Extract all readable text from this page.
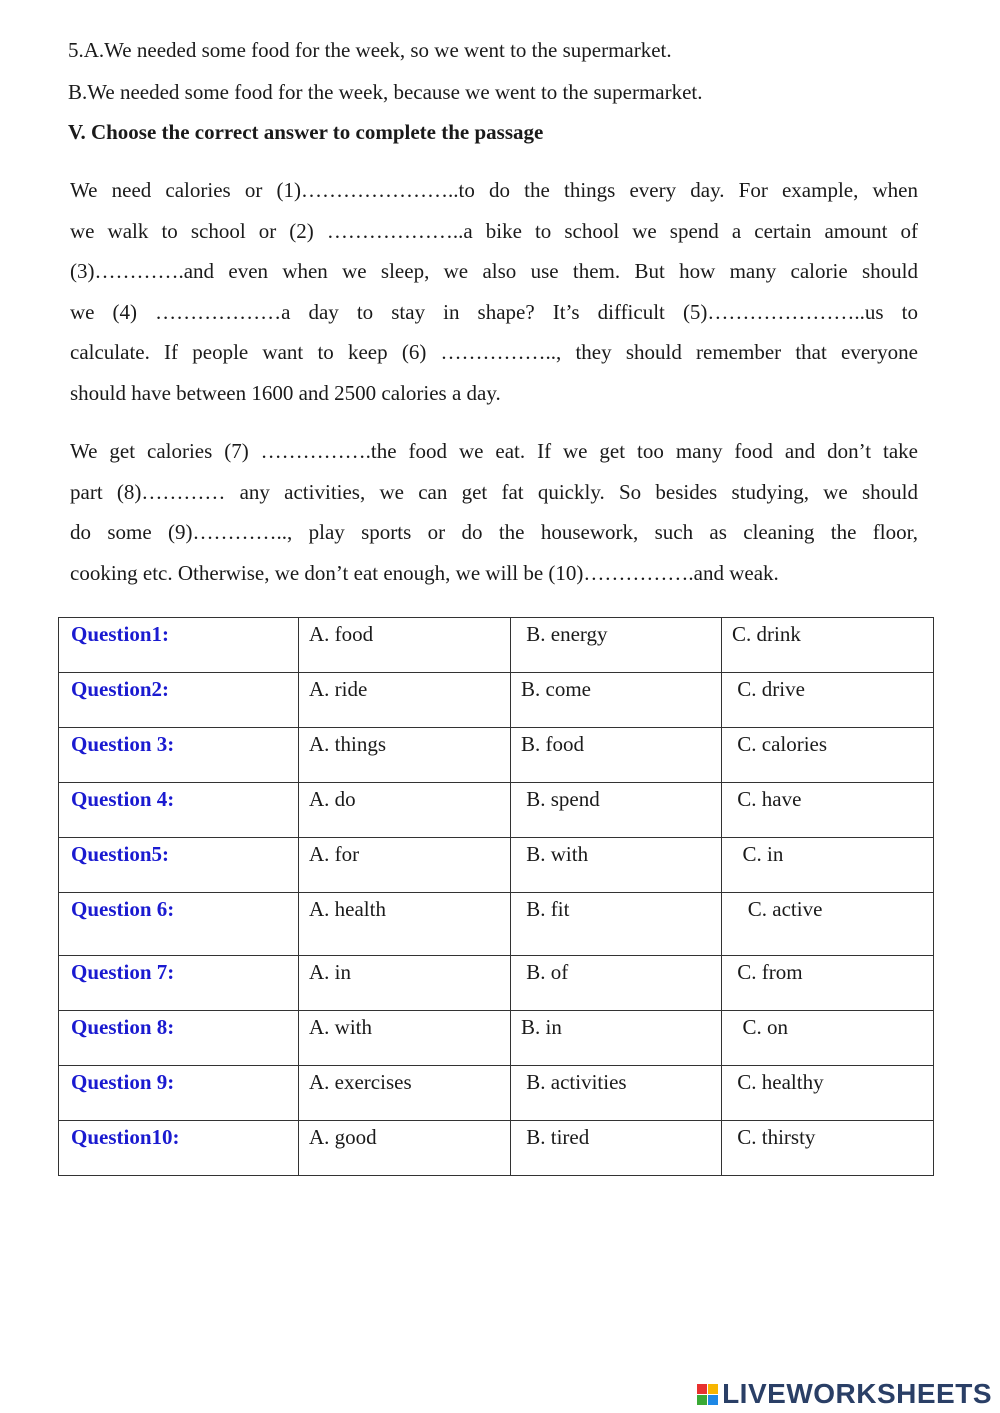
5.A.We needed some food for the week, so we went to the supermarket.
B.We needed some food for the week, because we went to the supermarket.
V. Choose the correct answer to complete the passage
We need calories or (1)…………………..to do the things every day. For example, when
we walk to school or (2) ………………..a bike to school we spend a certain amount of
(3)………….and even when we sleep, we also use them. But how many calorie should
we (4) ………………a day to stay in shape? It’s difficult (5)…………………..us to
calculate. If people want to keep (6) …………….., they should remember that everyone
should have between 1600 and 2500 calories a day.
We get calories (7) …………….the food we eat. If we get too many food and don’t take
part (8)………… any activities, we can get fat quickly. So besides studying, we should
do some (9)………….., play sports or do the housework, such as cleaning the floor,
cooking etc. Otherwise, we don’t eat enough, we will be (10)…………….and weak.
Question1:	A. food	B. energy	C. drink
Question2:	A. ride	B. come	C. drive
Question 3:	A. things	B. food	C. calories
Question 4:	A. do	B. spend	C. have
Question5:	A. for	B. with	C. in
Question 6:	A. health	B. fit	C. active
Question 7:	A. in	B. of	C. from
Question 8:	A. with	B. in	C. on
Question 9:	A. exercises	B. activities	C. healthy
Question10:	A. good	B. tired	C. thirsty
LIVEWORKSHEETS
